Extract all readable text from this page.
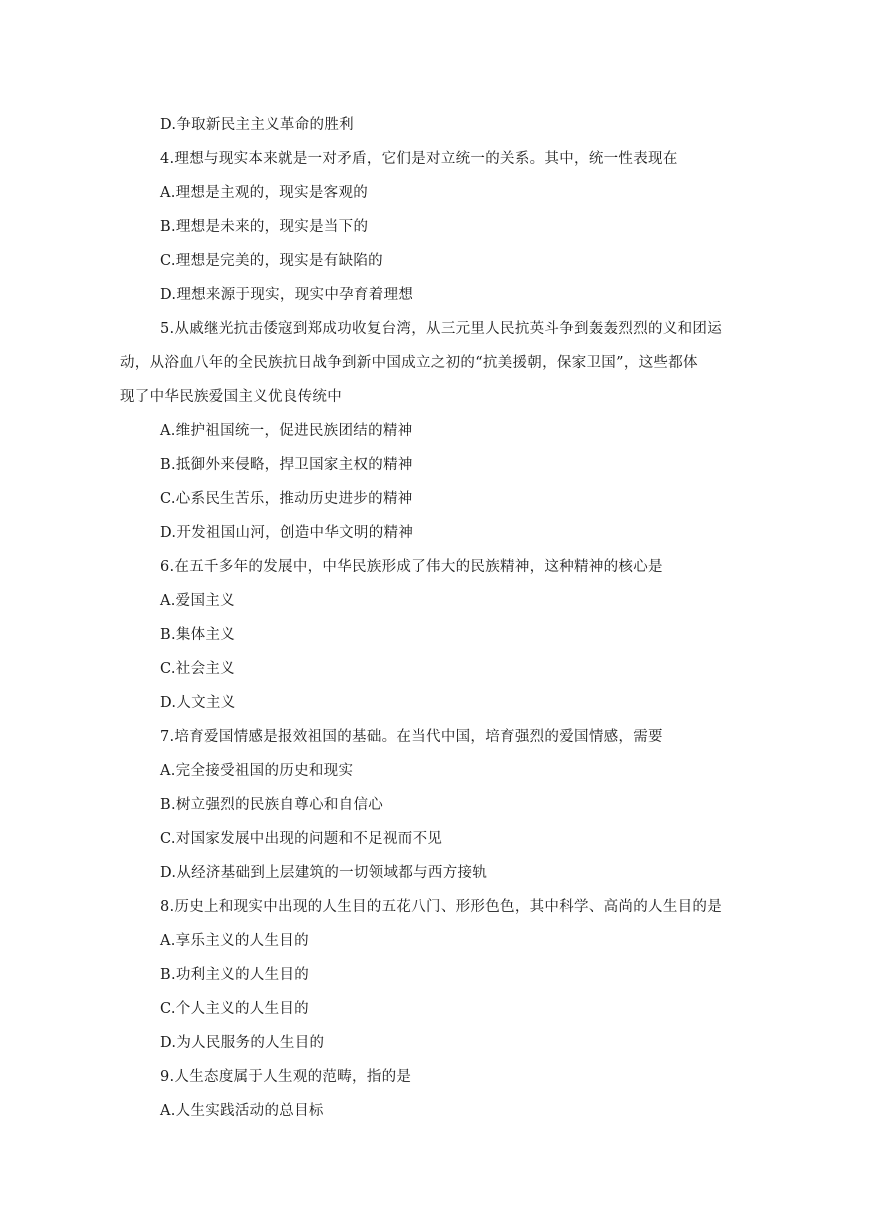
D.争取新民主主义革命的胜利
4.理想与现实本来就是一对矛盾，它们是对立统一的关系。其中，统一性表现在
A.理想是主观的，现实是客观的
B.理想是未来的，现实是当下的
C.理想是完美的，现实是有缺陷的
D.理想来源于现实，现实中孕育着理想
5.从戚继光抗击倭寇到郑成功收复台湾，从三元里人民抗英斗争到轰轰烈烈的义和团运
动，从浴血八年的全民族抗日战争到新中国成立之初的“抗美援朝，保家卫国”，这些都体
现了中华民族爱国主义优良传统中
A.维护祖国统一，促进民族团结的精神
B.抵御外来侵略，捍卫国家主权的精神
C.心系民生苦乐，推动历史进步的精神
D.开发祖国山河，创造中华文明的精神
6.在五千多年的发展中，中华民族形成了伟大的民族精神，这种精神的核心是
A.爱国主义
B.集体主义
C.社会主义
D.人文主义
7.培育爱国情感是报效祖国的基础。在当代中国，培育强烈的爱国情感，需要
A.完全接受祖国的历史和现实
B.树立强烈的民族自尊心和自信心
C.对国家发展中出现的问题和不足视而不见
D.从经济基础到上层建筑的一切领域都与西方接轨
8.历史上和现实中出现的人生目的五花八门、形形色色，其中科学、高尚的人生目的是
A.享乐主义的人生目的
B.功利主义的人生目的
C.个人主义的人生目的
D.为人民服务的人生目的
9.人生态度属于人生观的范畴，指的是
A.人生实践活动的总目标
